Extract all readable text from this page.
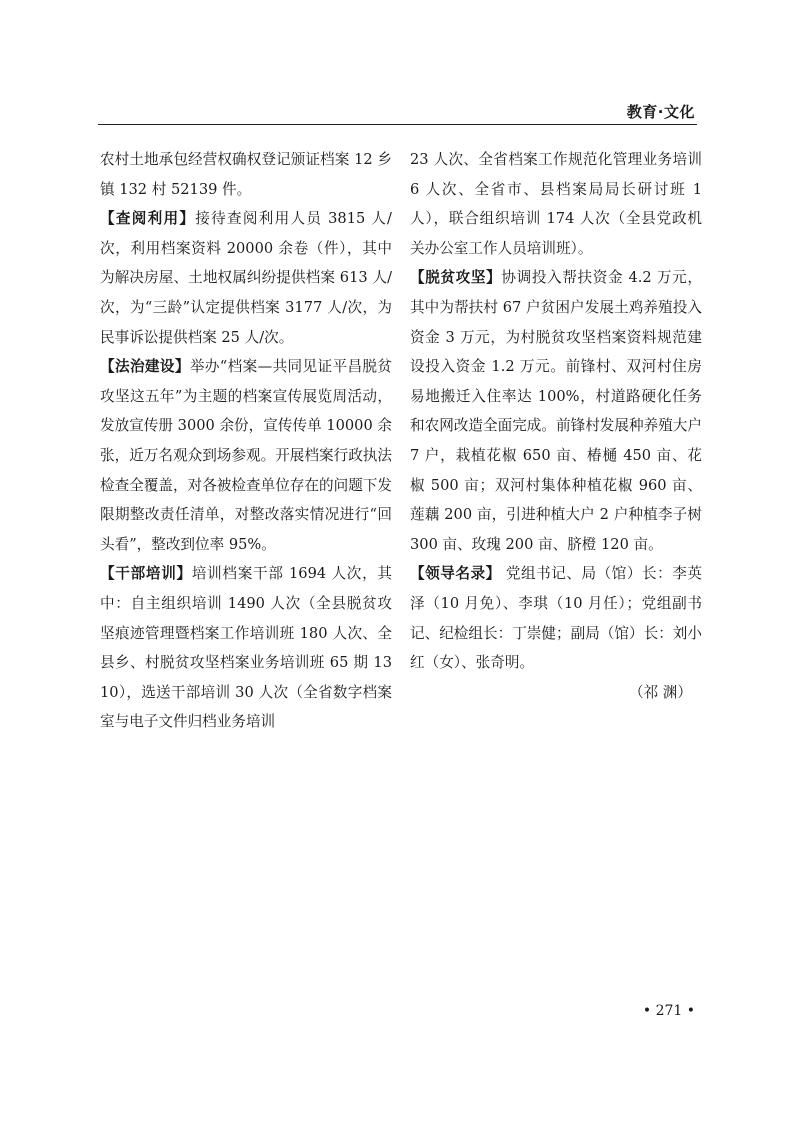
教育·文化

农村土地承包经营权确权登记颁证档案 12 乡镇 132 村 52139 件。

【查阅利用】接待查阅利用人员 3815 人/次，利用档案资料 20000 余卷（件），其中为解决房屋、土地权属纠纷提供档案 613 人/次，为“三龄”认定提供档案 3177 人/次，为民事诉讼提供档案 25 人/次。

【法治建设】举办“档案—共同见证平昌脱贫攻坚这五年”为主题的档案宣传展览周活动，发放宣传册 3000 余份，宣传传单 10000 余张，近万名观众到场参观。开展档案行政执法检查全覆盖，对各被检查单位存在的问题下发限期整改责任清单，对整改落实情况进行“回头看”，整改到位率 95%。

【干部培训】培训档案干部 1694 人次，其中：自主组织培训 1490 人次（全县脱贫攻坚痕迹管理暨档案工作培训班 180 人次、全县乡、村脱贫攻坚档案业务培训班 65 期 1310），选送干部培训 30 人次（全省数字档案室与电子文件归档业务培训

23 人次、全省档案工作规范化管理业务培训 6 人次、全省市、县档案局局长研讨班 1 人），联合组织培训 174 人次（全县党政机关办公室工作人员培训班）。

【脱贫攻坚】协调投入帮扶资金 4.2 万元，其中为帮扶村 67 户贫困户发展土鸡养殖投入资金 3 万元，为村脱贫攻坚档案资料规范建设投入资金 1.2 万元。前锋村、双河村住房易地搬迁入住率达 100%，村道路硬化任务和农网改造全面完成。前锋村发展种养殖大户 7 户，栽植花椒 650 亩、椿樋 450 亩、花椒 500 亩；双河村集体种植花椒 960 亩、莲藕 200 亩，引进种植大户 2 户种植李子树 300 亩、玫瑰 200 亩、脐橙 120 亩。

【领导名录】 党组书记、局（馆）长：李英泽（10 月免）、李琪（10 月任）；党组副书记、纪检组长：丁崇健；副局（馆）长：刘小红（女）、张奇明。

（祁 渊）

• 271 •
